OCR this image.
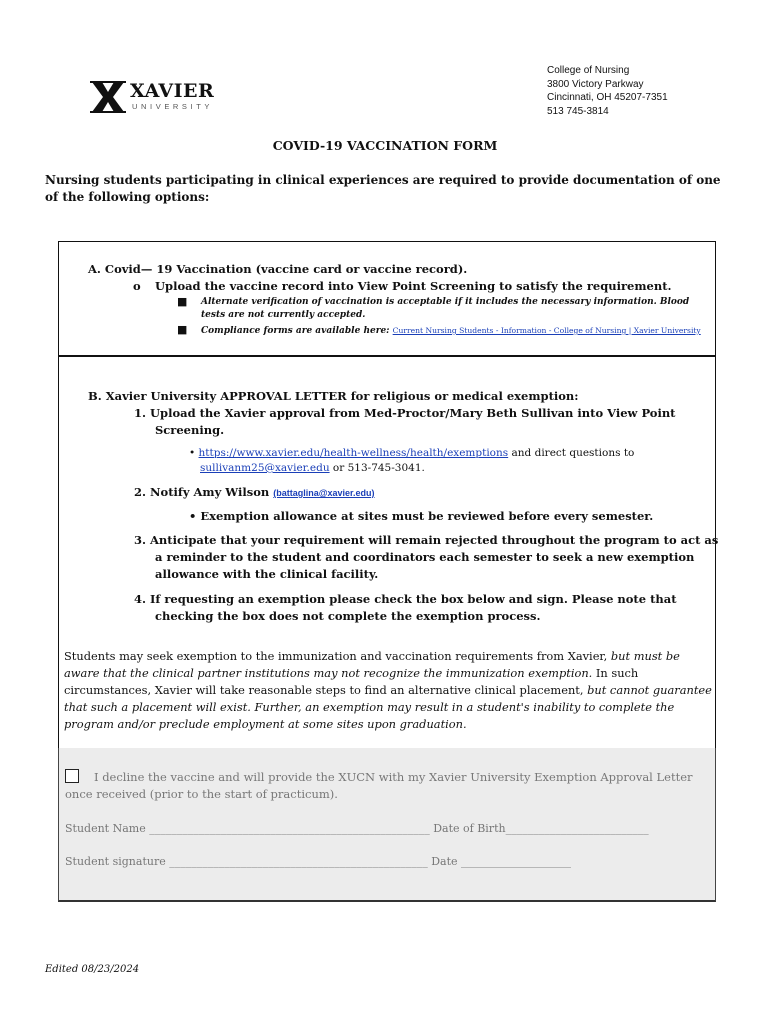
XAVIER
UNIVERSITY
College of Nursing
3800 Victory Parkway
Cincinnati, OH 45207-7351
513 745-3814
COVID-19 VACCINATION FORM
Nursing students participating in clinical experiences are required to provide documentation of one of the following options:
A. Covid— 19 Vaccination (vaccine card or vaccine record).
o Upload the vaccine record into View Point Screening to satisfy the requirement.
■ Alternate verification of vaccination is acceptable if it includes the necessary information. Blood
tests are not currently accepted.
■ Compliance forms are available here: Current Nursing Students - Information - College of Nursing | Xavier University
B. Xavier University APPROVAL LETTER for religious or medical exemption:
1. Upload the Xavier approval from Med-Proctor/Mary Beth Sullivan into View Point
Screening.
• https://www.xavier.edu/health-wellness/health/exemptions and direct questions to
sullivanm25@xavier.edu or 513-745-3041.
2. Notify Amy Wilson (battaglina@xavier.edu)
• Exemption allowance at sites must be reviewed before every semester.
3. Anticipate that your requirement will remain rejected throughout the program to act as
a reminder to the student and coordinators each semester to seek a new exemption
allowance with the clinical facility.
4. If requesting an exemption please check the box below and sign. Please note that
checking the box does not complete the exemption process.
Students may seek exemption to the immunization and vaccination requirements from Xavier, but must be aware that the clinical partner institutions may not recognize the immunization exemption. In such circumstances, Xavier will take reasonable steps to find an alternative clinical placement, but cannot guarantee that such a placement will exist. Further, an exemption may result in a student's inability to complete the program and/or preclude employment at some sites upon graduation.
I decline the vaccine and will provide the XUCN with my Xavier University Exemption Approval Letter
once received (prior to the start of practicum).
Student Name ___________________________________________________ Date of Birth__________________________
Student signature _______________________________________________ Date ____________________
Edited 08/23/2024
